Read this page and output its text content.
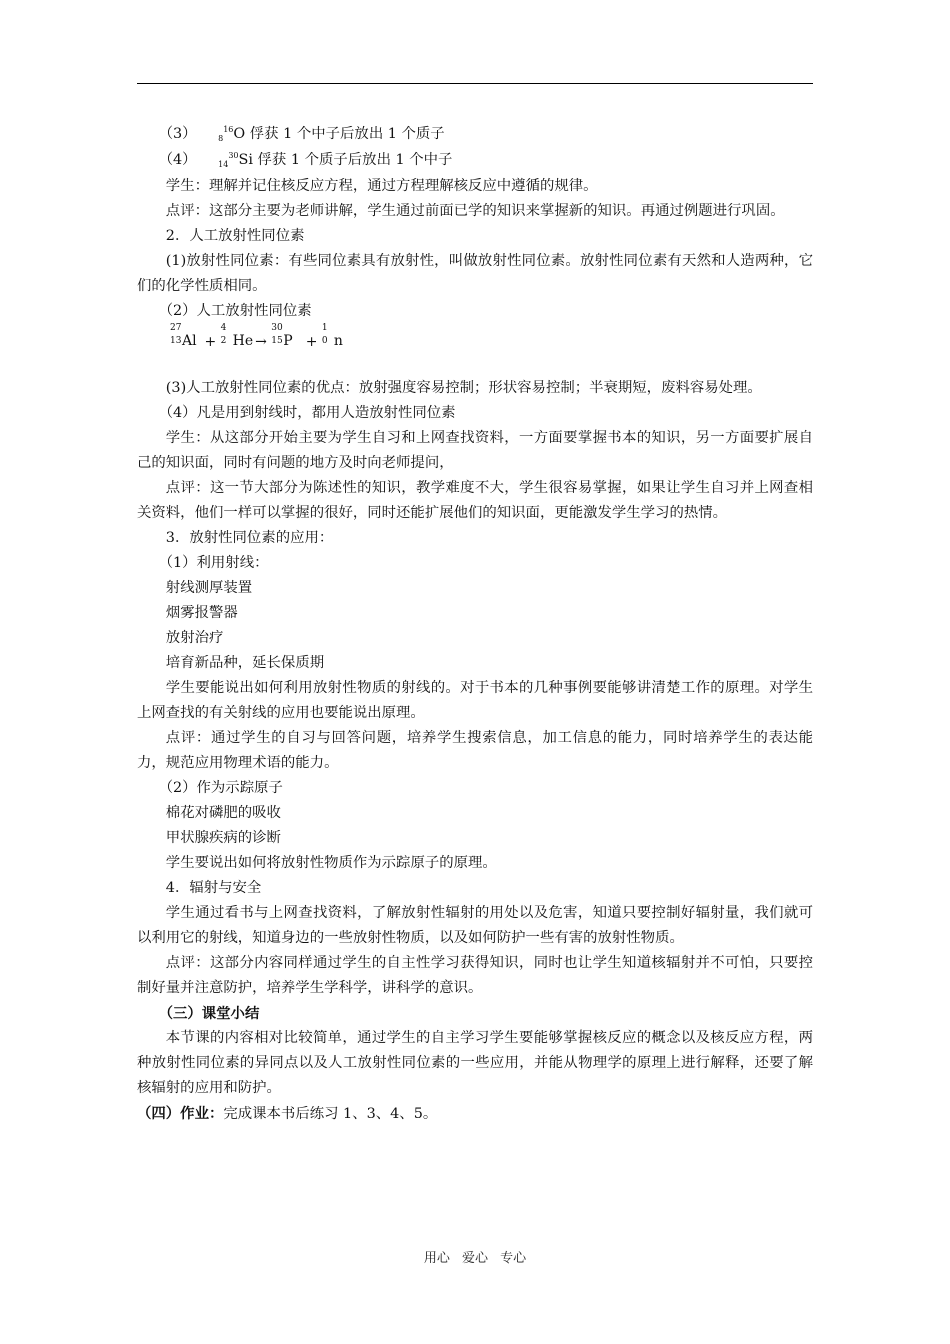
（3）	$_8^{16}$O 俘获 1 个中子后放出 1 个质子

（4）	$_{14}^{30}$Si 俘获 1 个质子后放出 1 个中子

学生：理解并记住核反应方程，通过方程理解核反应中遵循的规律。

点评：这部分主要为老师讲解，学生通过前面已学的知识来掌握新的知识。再通过例题进行巩固。

2．人工放射性同位素

(1)放射性同位素：有些同位素具有放射性，叫做放射性同位素。放射性同位素有天然和人造两种，它们的化学性质相同。

（2）人工放射性同位素

27
13 Al +
4
2 He →
30
15 P +
1
0 n

(3)人工放射性同位素的优点：放射强度容易控制；形状容易控制；半衰期短，废料容易处理。

（4）凡是用到射线时，都用人造放射性同位素

学生：从这部分开始主要为学生自习和上网查找资料，一方面要掌握书本的知识，另一方面要扩展自己的知识面，同时有问题的地方及时向老师提问，

点评：这一节大部分为陈述性的知识，教学难度不大，学生很容易掌握，如果让学生自习并上网查相关资料，他们一样可以掌握的很好，同时还能扩展他们的知识面，更能激发学生学习的热情。

3．放射性同位素的应用：

（1）利用射线：

射线测厚装置

烟雾报警器

放射治疗

培育新品种，延长保质期

学生要能说出如何利用放射性物质的射线的。对于书本的几种事例要能够讲清楚工作的原理。对学生上网查找的有关射线的应用也要能说出原理。

点评：通过学生的自习与回答问题，培养学生搜索信息，加工信息的能力，同时培养学生的表达能力，规范应用物理术语的能力。

（2）作为示踪原子

棉花对磷肥的吸收

甲状腺疾病的诊断

学生要说出如何将放射性物质作为示踪原子的原理。

4．辐射与安全

学生通过看书与上网查找资料，了解放射性辐射的用处以及危害，知道只要控制好辐射量，我们就可以利用它的射线，知道身边的一些放射性物质，以及如何防护一些有害的放射性物质。

点评：这部分内容同样通过学生的自主性学习获得知识，同时也让学生知道核辐射并不可怕，只要控制好量并注意防护，培养学生学科学，讲科学的意识。

（三）课堂小结

本节课的内容相对比较简单，通过学生的自主学习学生要能够掌握核反应的概念以及核反应方程，两种放射性同位素的异同点以及人工放射性同位素的一些应用，并能从物理学的原理上进行解释，还要了解核辐射的应用和防护。

（四）作业：完成课本书后练习 1、3、4、5。

用心 爱心 专心
